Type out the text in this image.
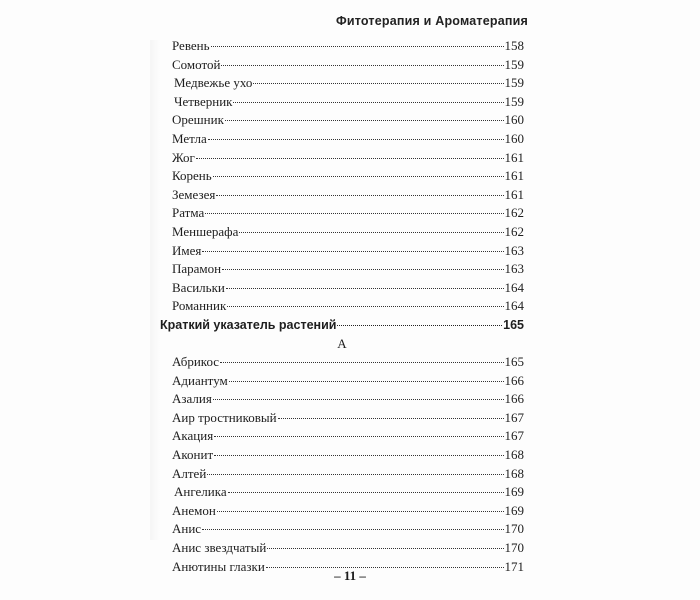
Фитотерапия и Ароматерапия
Ревень	158
Сомотой	159
Медвежье ухо	159
Четверник	159
Орешник	160
Метла	160
Жог	161
Корень	161
Земезея	161
Ратма	162
Меншерафа	162
Имея	163
Парамон	163
Васильки	164
Романник	164
Краткий указатель растений	165
А
Абрикос	165
Адиантум	166
Азалия	166
Аир тростниковый	167
Акация	167
Аконит	168
Алтей	168
Ангелика	169
Анемон	169
Анис	170
Анис звездчатый	170
Анютины глазки	171
– 11 –
